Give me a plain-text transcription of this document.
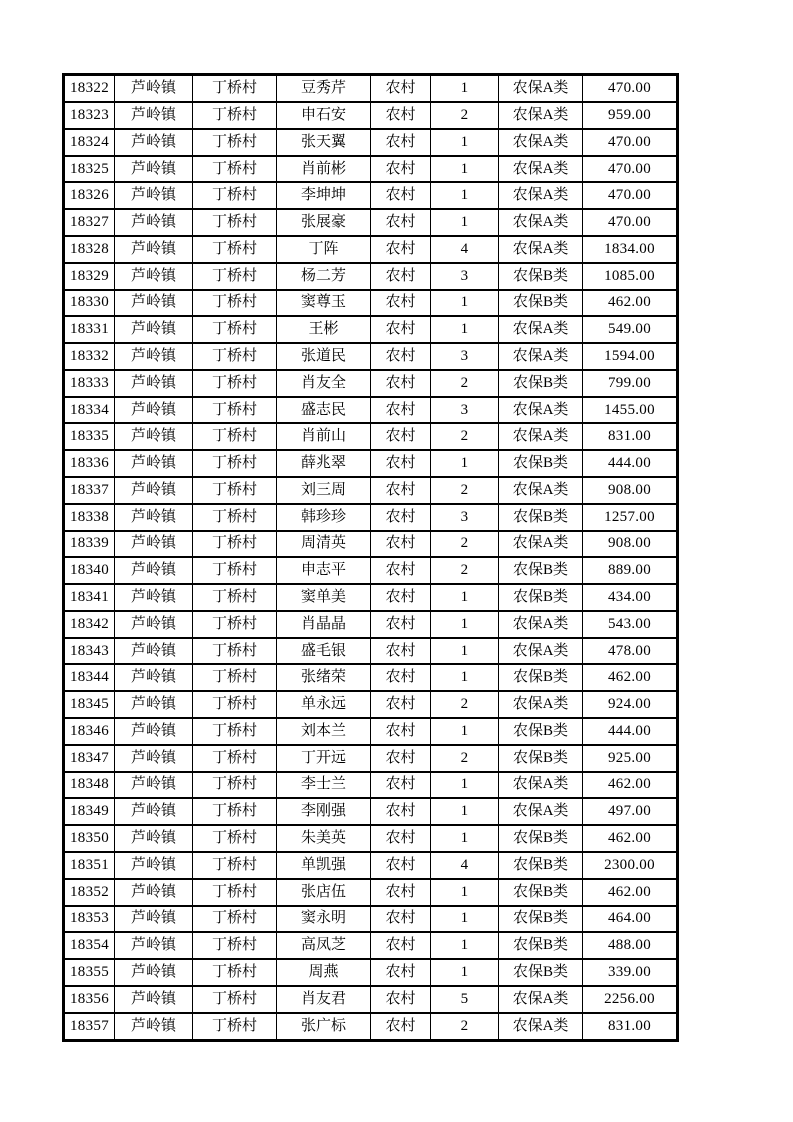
18322	芦岭镇	丁桥村	豆秀芹	农村	1	农保A类	470.00
18323	芦岭镇	丁桥村	申石安	农村	2	农保A类	959.00
18324	芦岭镇	丁桥村	张天翼	农村	1	农保A类	470.00
18325	芦岭镇	丁桥村	肖前彬	农村	1	农保A类	470.00
18326	芦岭镇	丁桥村	李坤坤	农村	1	农保A类	470.00
18327	芦岭镇	丁桥村	张展豪	农村	1	农保A类	470.00
18328	芦岭镇	丁桥村	丁阵	农村	4	农保A类	1834.00
18329	芦岭镇	丁桥村	杨二芳	农村	3	农保B类	1085.00
18330	芦岭镇	丁桥村	窦尊玉	农村	1	农保B类	462.00
18331	芦岭镇	丁桥村	王彬	农村	1	农保A类	549.00
18332	芦岭镇	丁桥村	张道民	农村	3	农保A类	1594.00
18333	芦岭镇	丁桥村	肖友全	农村	2	农保B类	799.00
18334	芦岭镇	丁桥村	盛志民	农村	3	农保A类	1455.00
18335	芦岭镇	丁桥村	肖前山	农村	2	农保A类	831.00
18336	芦岭镇	丁桥村	薛兆翠	农村	1	农保B类	444.00
18337	芦岭镇	丁桥村	刘三周	农村	2	农保A类	908.00
18338	芦岭镇	丁桥村	韩珍珍	农村	3	农保B类	1257.00
18339	芦岭镇	丁桥村	周清英	农村	2	农保A类	908.00
18340	芦岭镇	丁桥村	申志平	农村	2	农保B类	889.00
18341	芦岭镇	丁桥村	窦单美	农村	1	农保B类	434.00
18342	芦岭镇	丁桥村	肖晶晶	农村	1	农保A类	543.00
18343	芦岭镇	丁桥村	盛毛银	农村	1	农保A类	478.00
18344	芦岭镇	丁桥村	张绪荣	农村	1	农保B类	462.00
18345	芦岭镇	丁桥村	单永远	农村	2	农保A类	924.00
18346	芦岭镇	丁桥村	刘本兰	农村	1	农保B类	444.00
18347	芦岭镇	丁桥村	丁开远	农村	2	农保B类	925.00
18348	芦岭镇	丁桥村	李士兰	农村	1	农保A类	462.00
18349	芦岭镇	丁桥村	李刚强	农村	1	农保A类	497.00
18350	芦岭镇	丁桥村	朱美英	农村	1	农保B类	462.00
18351	芦岭镇	丁桥村	单凯强	农村	4	农保B类	2300.00
18352	芦岭镇	丁桥村	张店伍	农村	1	农保B类	462.00
18353	芦岭镇	丁桥村	窦永明	农村	1	农保B类	464.00
18354	芦岭镇	丁桥村	高凤芝	农村	1	农保B类	488.00
18355	芦岭镇	丁桥村	周燕	农村	1	农保B类	339.00
18356	芦岭镇	丁桥村	肖友君	农村	5	农保A类	2256.00
18357	芦岭镇	丁桥村	张广标	农村	2	农保A类	831.00
